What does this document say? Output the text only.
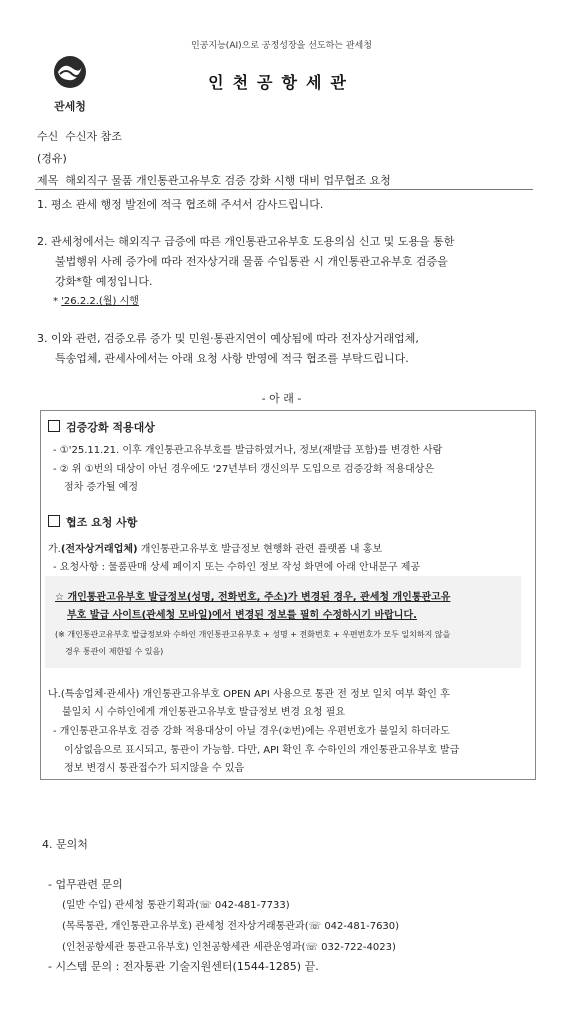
인공지능(AI)으로 공정성장을 선도하는 관세청
관세청
인천공항세관
수신 수신자 참조
(경유)
제목 해외직구 물품 개인통관고유부호 검증 강화 시행 대비 업무협조 요청
1. 평소 관세 행정 발전에 적극 협조해 주셔서 감사드립니다.
2. 관세청에서는 해외직구 급증에 따른 개인통관고유부호 도용의심 신고 및 도용을 통한
불법행위 사례 증가에 따라 전자상거래 물품 수입통관 시 개인통관고유부호 검증을
강화*할 예정입니다.
* '26.2.2.(월) 시행
3. 이와 관련, 검증오류 증가 및 민원·통관지연이 예상됨에 따라 전자상거래업체,
특송업체, 관세사에서는 아래 요청 사항 반영에 적극 협조를 부탁드립니다.
- 아 래 -
검증강화 적용대상
- ①'25.11.21. 이후 개인통관고유부호를 발급하였거나, 정보(재발급 포함)를 변경한 사람
- ② 위 ①번의 대상이 아닌 경우에도 '27년부터 갱신의무 도입으로 검증강화 적용대상은
점차 증가될 예정
협조 요청 사항
가.(전자상거래업체) 개인통관고유부호 발급정보 현행화 관련 플랫폼 내 홍보
- 요청사항 : 물품판매 상세 페이지 또는 수하인 정보 작성 화면에 아래 안내문구 제공
☆ 개인통관고유부호 발급정보(성명, 전화번호, 주소)가 변경된 경우, 관세청 개인통관고유
부호 발급 사이트(관세청 모바일)에서 변경된 정보를 필히 수정하시기 바랍니다.
(※ 개인통관고유부호 발급정보와 수하인 개인통관고유부호 + 성명 + 전화번호 + 우편번호가 모두 일치하지 않을
경우 통관이 제한될 수 있음)
나.(특송업체·관세사) 개인통관고유부호 OPEN API 사용으로 통관 전 정보 일치 여부 확인 후
불일치 시 수하인에게 개인통관고유부호 발급정보 변경 요청 필요
- 개인통관고유부호 검증 강화 적용대상이 아닐 경우(②번)에는 우편번호가 불일치 하더라도
이상없음으로 표시되고, 통관이 가능함. 다만, API 확인 후 수하인의 개인통관고유부호 발급
정보 변경시 통관접수가 되지않을 수 있음
4. 문의처
- 업무관련 문의
(일반 수입) 관세청 통관기획과(☏ 042-481-7733)
(목록통관, 개인통관고유부호) 관세청 전자상거래통관과(☏ 042-481-7630)
(인천공항세관 통관고유부호) 인천공항세관 세관운영과(☏ 032-722-4023)
- 시스템 문의 : 전자통관 기술지원센터(1544-1285) 끝.
